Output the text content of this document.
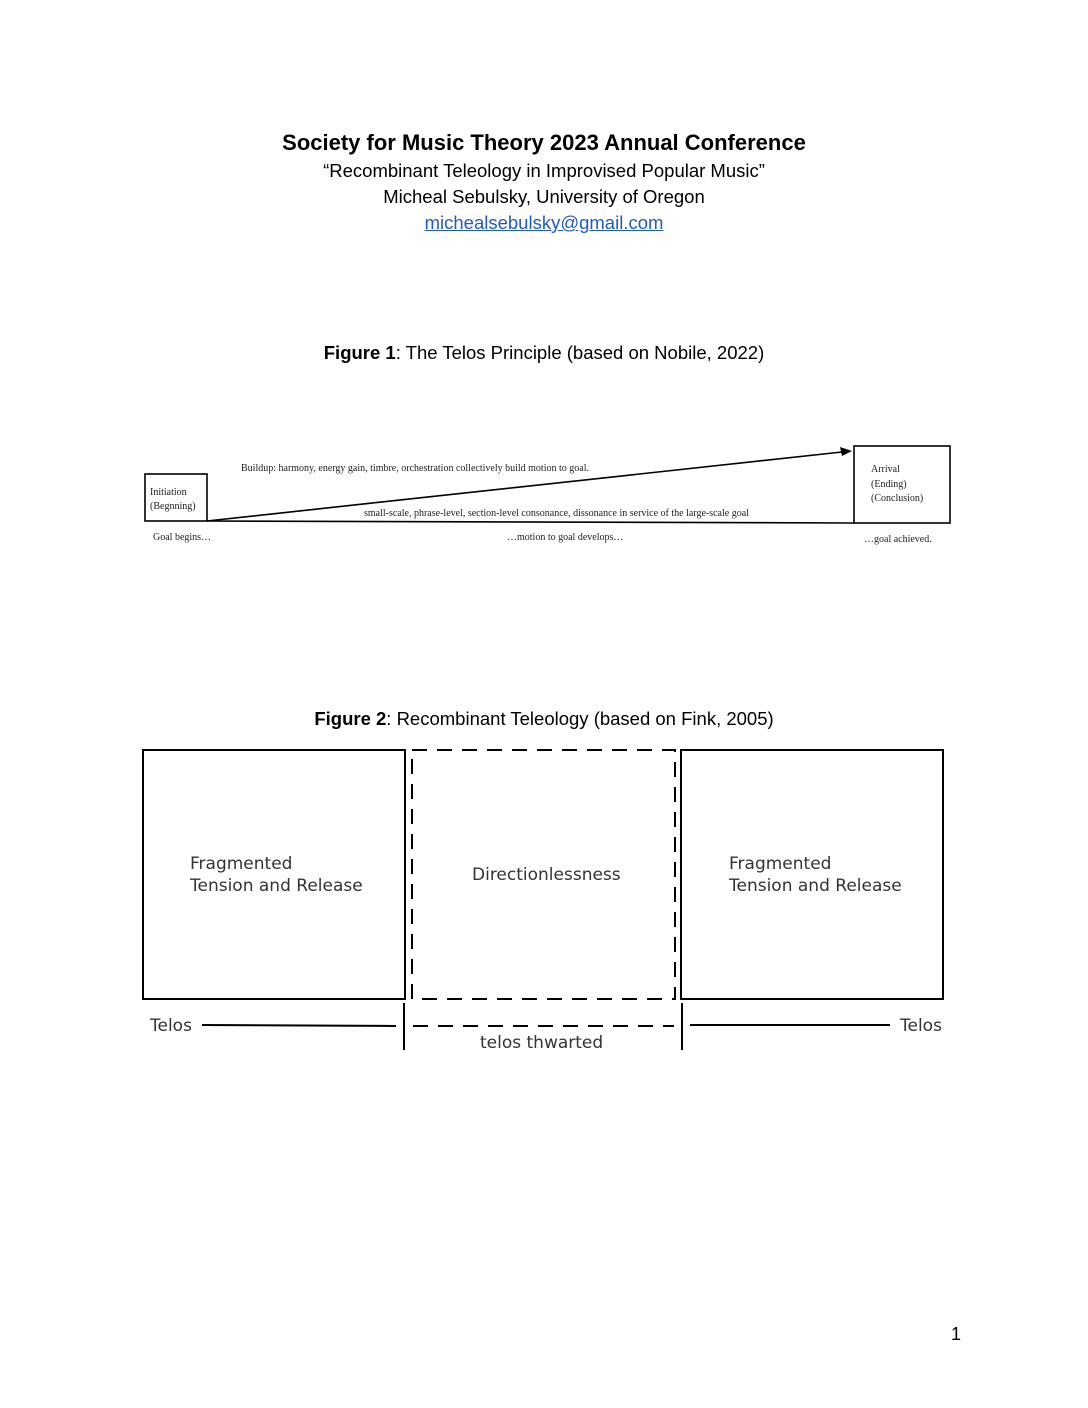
Society for Music Theory 2023 Annual Conference
“Recombinant Teleology in Improvised Popular Music”
Micheal Sebulsky, University of Oregon
michealsebulsky@gmail.com
Figure 1: The Telos Principle (based on Nobile, 2022)
Initiation
(Begnning)
Arrival
(Ending)
(Conclusion)
Buildup: harmony, energy gain, timbre, orchestration collectively build motion to goal.
small-scale, phrase-level, section-level consonance, dissonance in service of the large-scale goal
Goal begins…	…motion to goal develops…	…goal achieved.
Fragmented
Tension and Release
Directionlessness
Fragmented
Tension and Release
Telos	Telos
telos thwarted
Figure 2: Recombinant Teleology (based on Fink, 2005)
1
